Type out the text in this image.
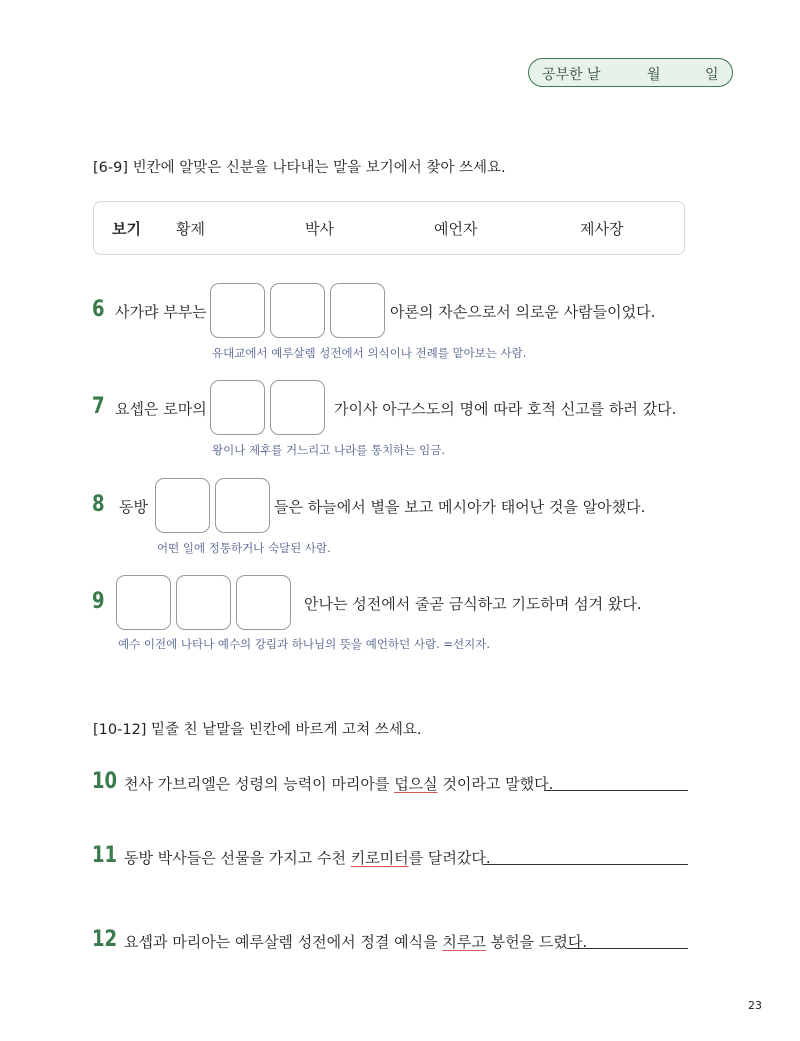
공부한 날	월	일
[6-9] 빈칸에 알맞은 신분을 나타내는 말을 보기에서 찾아 쓰세요.
보기 황제	박사	예언자	제사장
6 사가랴 부부는	아론의 자손으로서 의로운 사람들이었다.
유대교에서 예루살렘 성전에서 의식이나 전례를 맡아보는 사람.
7 요셉은 로마의	가이사 아구스도의 명에 따라 호적 신고를 하러 갔다.
왕이나 제후를 거느리고 나라를 통치하는 임금.
8 동방	들은 하늘에서 별을 보고 메시아가 태어난 것을 알아챘다.
어떤 일에 정통하거나 숙달된 사람.
9	안나는 성전에서 줄곧 금식하고 기도하며 섬겨 왔다.
예수 이전에 나타나 예수의 강림과 하나님의 뜻을 예언하던 사람. =선지자.
[10-12] 밑줄 친 낱말을 빈칸에 바르게 고쳐 쓰세요.
10 천사 가브리엘은 성령의 능력이 마리아를 덥으실 것이라고 말했다.
11 동방 박사들은 선물을 가지고 수천 키로미터를 달려갔다.
12 요셉과 마리아는 예루살렘 성전에서 정결 예식을 치루고 봉헌을 드렸다.
23
